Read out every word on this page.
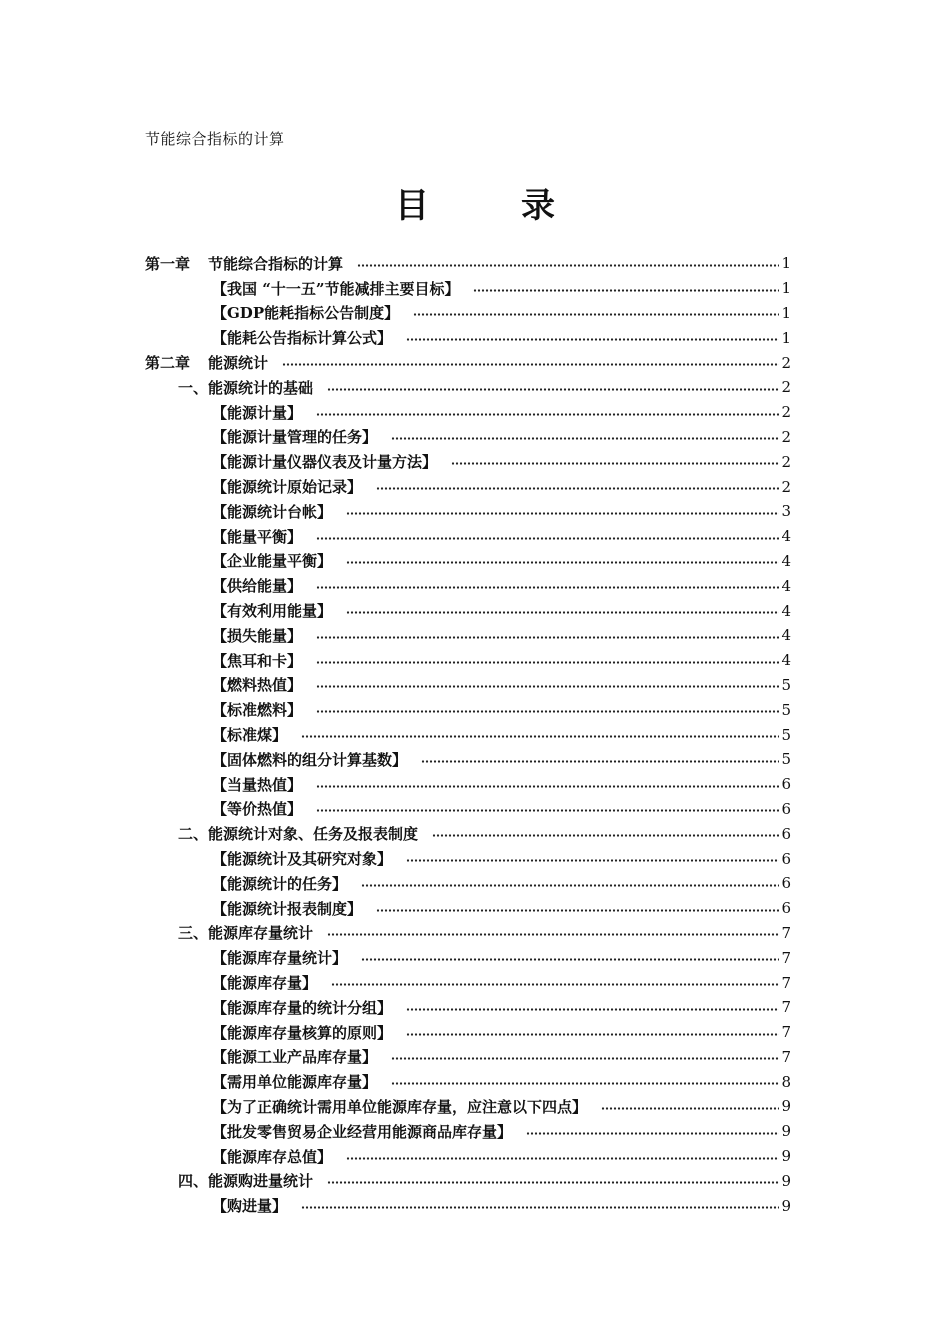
节能综合指标的计算
目	录
第一章 节能综合指标的计算	1
【我国 “十一五”节能减排主要目标】	1
【GDP能耗指标公告制度】	1
【能耗公告指标计算公式】	1
第二章 能源统计	2
一、能源统计的基础	2
【能源计量】	2
【能源计量管理的任务】	2
【能源计量仪器仪表及计量方法】	2
【能源统计原始记录】	2
【能源统计台帐】	3
【能量平衡】	4
【企业能量平衡】	4
【供给能量】	4
【有效利用能量】	4
【损失能量】	4
【焦耳和卡】	4
【燃料热值】	5
【标准燃料】	5
【标准煤】	5
【固体燃料的组分计算基数】	5
【当量热值】	6
【等价热值】	6
二、能源统计对象、任务及报表制度	6
【能源统计及其研究对象】	6
【能源统计的任务】	6
【能源统计报表制度】	6
三、能源库存量统计	7
【能源库存量统计】	7
【能源库存量】	7
【能源库存量的统计分组】	7
【能源库存量核算的原则】	7
【能源工业产品库存量】	7
【需用单位能源库存量】	8
【为了正确统计需用单位能源库存量，应注意以下四点】	9
【批发零售贸易企业经营用能源商品库存量】	9
【能源库存总值】	9
四、能源购进量统计	9
【购进量】	9
